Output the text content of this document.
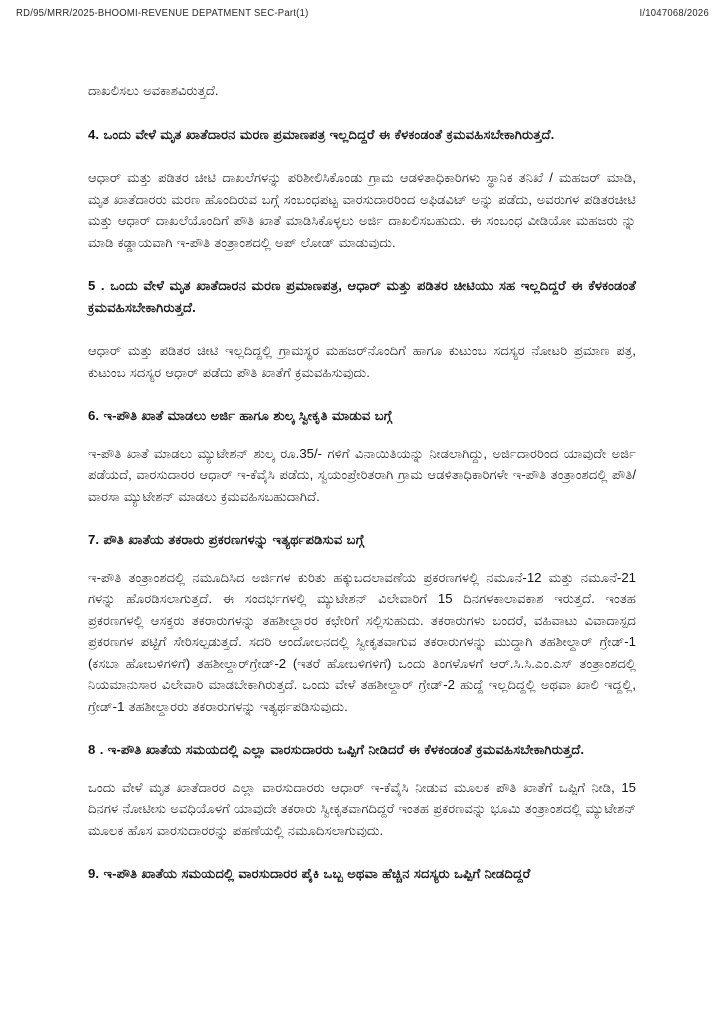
RD/95/MRR/2025-BHOOMI-REVENUE DEPATMENT SEC-Part(1)	I/1047068/2026

ದಾಖಲಿಸಲು ಅವಕಾಶವಿರುತ್ತದೆ.

4. ಒಂದು ವೇಳೆ ಮೃತ ಖಾತೆದಾರನ ಮರಣ ಪ್ರಮಾಣಪತ್ರ ಇಲ್ಲದಿದ್ದರೆ ಈ ಕೆಳಕಂಡಂತೆ ಕ್ರಮವಹಿಸಬೇಕಾಗಿರುತ್ತದೆ.

ಆಧಾರ್ ಮತ್ತು ಪಡಿತರ ಚೀಟಿ ದಾಖಲೆಗಳನ್ನು ಪರಿಶೀಲಿಸಿಕೊಂಡು ಗ್ರಾಮ ಆಡಳಿತಾಧಿಕಾರಿಗಳು ಸ್ಥಾನಿಕ ತನಿಖೆ / ಮಹಜರ್ ಮಾಡಿ, ಮೃತ ಖಾತೆದಾರರು ಮರಣ ಹೊಂದಿರುವ ಬಗ್ಗೆ ಸಂಬಂಧಪಟ್ಟ ವಾರಸುದಾರರಿಂದ ಅಫಿಡವಿಟ್ ಅನ್ನು ಪಡೆದು, ಅವರುಗಳ ಪಡಿತರಚೀಟಿ ಮತ್ತು ಆಧಾರ್ ದಾಖಲೆಯೊಂದಿಗೆ ಪೌತಿ ಖಾತೆ ಮಾಡಿಸಿಕೊಳ್ಳಲು ಅರ್ಜಿ ದಾಖಲಿಸಬಹುದು. ಈ ಸಂಬಂಧ ವೀಡಿಯೋ ಮಹಜರು ನ್ನು ಮಾಡಿ ಕಡ್ಡಾಯವಾಗಿ ಇ-ಪೌತಿ ತಂತ್ರಾಂಶದಲ್ಲಿ ಅಪ್ ಲೋಡ್ ಮಾಡುವುದು.

5 . ಒಂದು ವೇಳೆ ಮೃತ ಖಾತೆದಾರನ ಮರಣ ಪ್ರಮಾಣಪತ್ರ, ಆಧಾರ್ ಮತ್ತು ಪಡಿತರ ಚೀಟಿಯು ಸಹ ಇಲ್ಲದಿದ್ದರೆ ಈ ಕೆಳಕಂಡಂತೆ ಕ್ರಮವಹಿಸಬೇಕಾಗಿರುತ್ತದೆ.

ಆಧಾರ್ ಮತ್ತು ಪಡಿತರ ಚೀಟಿ ಇಲ್ಲದಿದ್ದಲ್ಲಿ ಗ್ರಾಮಸ್ಥರ ಮಹಜರ್‌ನೊಂದಿಗೆ ಹಾಗೂ ಕುಟುಂಬ ಸದಸ್ಯರ ನೋಟರಿ ಪ್ರಮಾಣ ಪತ್ರ, ಕುಟುಂಬ ಸದಸ್ಯರ ಆಧಾರ್ ಪಡೆದು ಪೌತಿ ಖಾತೆಗೆ ಕ್ರಮವಹಿಸುವುದು.

6. ಇ-ಪೌತಿ ಖಾತೆ ಮಾಡಲು ಅರ್ಜಿ ಹಾಗೂ ಶುಲ್ಕ ಸ್ವೀಕೃತಿ ಮಾಡುವ ಬಗ್ಗೆ

ಇ-ಪೌತಿ ಖಾತೆ ಮಾಡಲು ಮ್ಯುಟೇಶನ್ ಶುಲ್ಕ ರೂ.35/- ಗಳಿಗೆ ವಿನಾಯಿತಿಯನ್ನು ನೀಡಲಾಗಿದ್ದು, ಅರ್ಜಿದಾರರಿಂದ ಯಾವುದೇ ಅರ್ಜಿ ಪಡೆಯದೆ, ವಾರಸುದಾರರ ಆಧಾರ್ ಇ-ಕೆವೈಸಿ ಪಡೆದು, ಸ್ವಯಂಪ್ರೇರಿತರಾಗಿ ಗ್ರಾಮ ಆಡಳಿತಾಧಿಕಾರಿಗಳೇ ಇ-ಪೌತಿ ತಂತ್ರಾಂಶದಲ್ಲಿ ಪೌತಿ/ವಾರಸಾ ಮ್ಯುಟೇಶನ್ ಮಾಡಲು ಕ್ರಮವಹಿಸಬಹುದಾಗಿದೆ.

7. ಪೌತಿ ಖಾತೆಯ ತಕರಾರು ಪ್ರಕರಣಗಳನ್ನು ಇತ್ಯರ್ಥಪಡಿಸುವ ಬಗ್ಗೆ

ಇ-ಪೌತಿ ತಂತ್ರಾಂಶದಲ್ಲಿ ನಮೂದಿಸಿದ ಅರ್ಜಿಗಳ ಕುರಿತು ಹಕ್ಕುಬದಲಾವಣೆಯ ಪ್ರಕರಣಗಳಲ್ಲಿ ನಮೂನೆ-12 ಮತ್ತು ನಮೂನೆ-21 ಗಳನ್ನು ಹೊರಡಿಸಲಾಗುತ್ತದೆ. ಈ ಸಂದರ್ಭಗಳಲ್ಲಿ ಮ್ಯುಟೇಶನ್ ವಿಲೇವಾರಿಗೆ 15 ದಿನಗಳಕಾಲಾವಕಾಶ ಇರುತ್ತದೆ. ಇಂತಹ ಪ್ರಕರಣಗಳಲ್ಲಿ ಆಸಕ್ತರು ತಕರಾರುಗಳನ್ನು ತಹಶೀಲ್ದಾರರ ಕಛೇರಿಗೆ ಸಲ್ಲಿಸುಹುದು. ತಕರಾರುಗಳು ಬಂದರೆ, ವಹಿವಾಟು ವಿವಾದಾಸ್ಪದ ಪ್ರಕರಣಗಳ ಪಟ್ಟಿಗೆ ಸೇರಿಸಲ್ಪಡುತ್ತದೆ. ಸದರಿ ಆಂದೋಲನದಲ್ಲಿ ಸ್ವೀಕೃತವಾಗುವ ತಕರಾರುಗಳನ್ನು ಮುದ್ದಾಗಿ ತಹಶೀಲ್ದಾರ್ ಗ್ರೇಡ್-1 (ಕಸಬಾ ಹೋಬಳಿಗಳಿಗೆ) ತಹಶೀಲ್ದಾರ್‌ಗ್ರೇಡ್-2 (ಇತರೆ ಹೋಬಳಿಗಳಿಗೆ) ಒಂದು ತಿಂಗಳೊಳಗೆ ಆರ್.ಸಿ.ಸಿ.ಎಂ.ಎಸ್ ತಂತ್ರಾಂಶದಲ್ಲಿ ನಿಯಮಾನುಸಾರ ವಿಲೇವಾರಿ ಮಾಡಬೇಕಾಗಿರುತ್ತದೆ. ಒಂದು ವೇಳೆ ತಹಶೀಲ್ದಾರ್ ಗ್ರೇಡ್-2 ಹುದ್ದೆ ಇಲ್ಲದಿದ್ದಲ್ಲಿ ಅಥವಾ ಖಾಲಿ ಇದ್ದಲ್ಲಿ, ಗ್ರೇಡ್-1 ತಹಶೀಲ್ದಾರರು ತಕರಾರುಗಳನ್ನು ಇತ್ಯರ್ಥಪಡಿಸುವುದು.

8 . ಇ-ಪೌತಿ ಖಾತೆಯ ಸಮಯದಲ್ಲಿ ಎಲ್ಲಾ ವಾರಸುದಾರರು ಒಪ್ಪಿಗೆ ನೀಡಿದರೆ ಈ ಕೆಳಕಂಡಂತೆ ಕ್ರಮವಹಿಸಬೇಕಾಗಿರುತ್ತದೆ.

ಒಂದು ವೇಳೆ ಮೃತ ಖಾತೆದಾರರ ಎಲ್ಲಾ ವಾರಸುದಾರರು ಆಧಾರ್ ಇ-ಕೆವೈಸಿ ನೀಡುವ ಮೂಲಕ ಪೌತಿ ಖಾತೆಗೆ ಒಪ್ಪಿಗೆ ನೀಡಿ, 15 ದಿನಗಳ ನೋಟೀಸು ಅವಧಿಯೊಳಗೆ ಯಾವುದೇ ತಕರಾರು ಸ್ವೀಕೃತವಾಗದಿದ್ದರೆ ಇಂತಹ ಪ್ರಕರಣವನ್ನು ಭೂಮಿ ತಂತ್ರಾಂಶದಲ್ಲಿ ಮ್ಯುಟೇಶನ್ ಮೂಲಕ ಹೊಸ ವಾರಸುದಾರರನ್ನು ಪಹಣೆಯಲ್ಲಿ ನಮೂದಿಸಲಾಗುವುದು.

9. ಇ-ಪೌತಿ ಖಾತೆಯ ಸಮಯದಲ್ಲಿ ವಾರಸುದಾರರ ಪೈಕಿ ಒಬ್ಬ ಅಥವಾ ಹೆಚ್ಚಿನ ಸದಸ್ಯರು ಒಪ್ಪಿಗೆ ನೀಡದಿದ್ದರೆ
